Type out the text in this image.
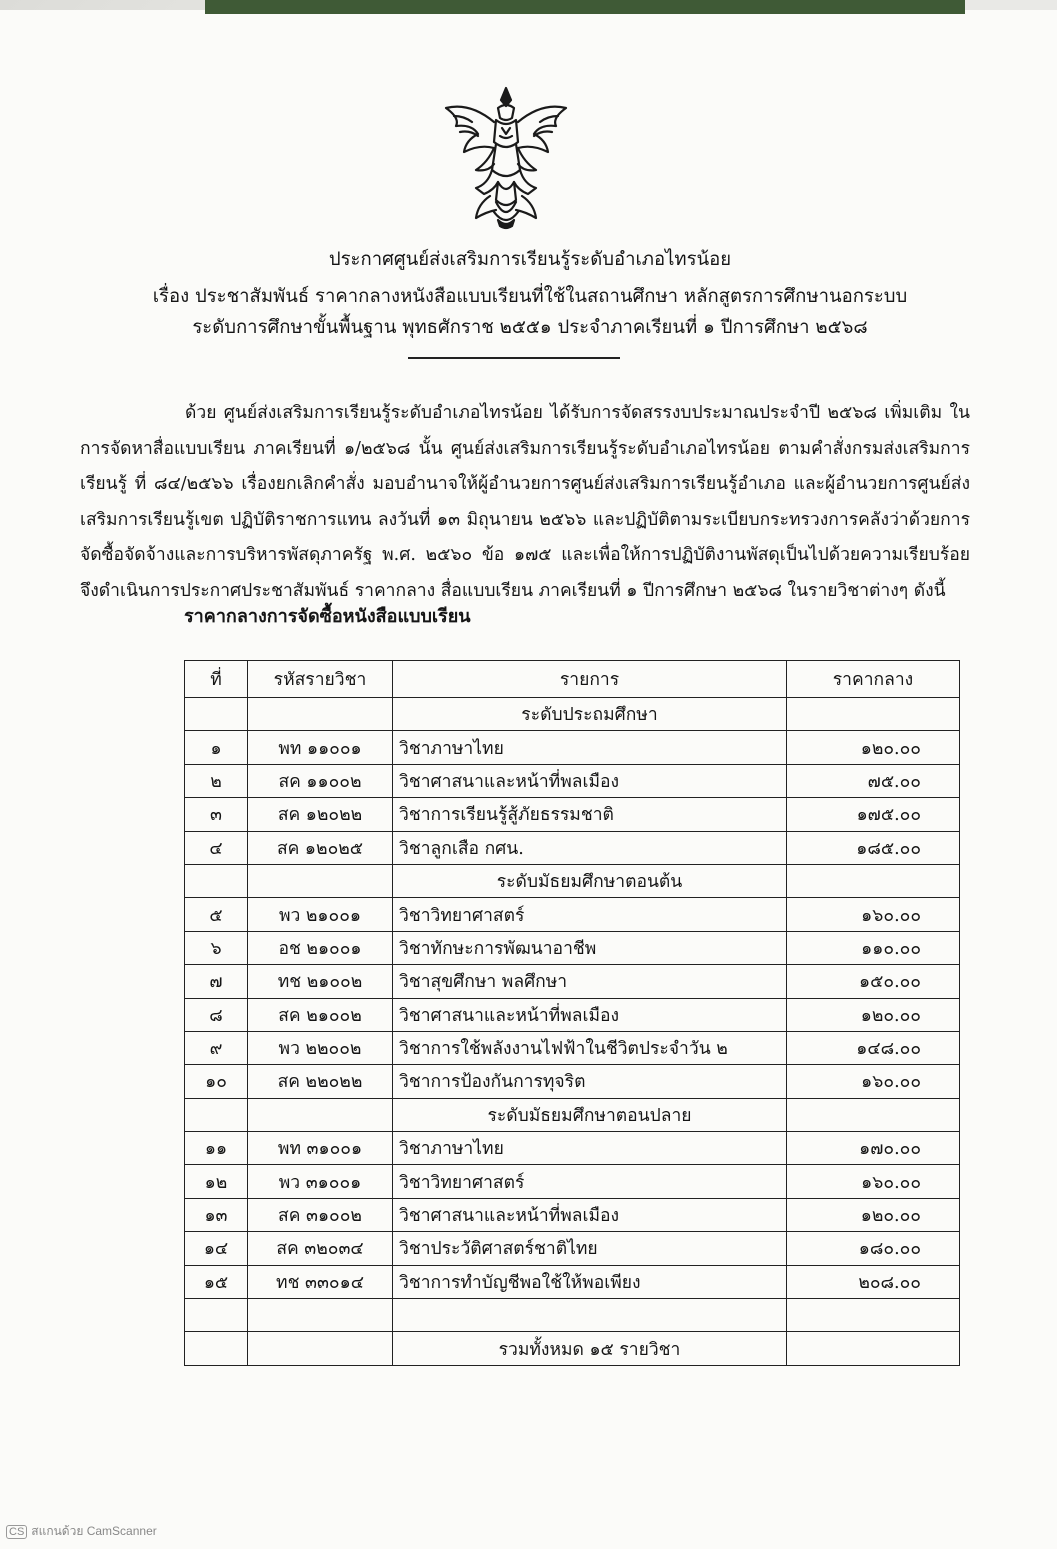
ประกาศศูนย์ส่งเสริมการเรียนรู้ระดับอำเภอไทรน้อย
เรื่อง ประชาสัมพันธ์ ราคากลางหนังสือแบบเรียนที่ใช้ในสถานศึกษา หลักสูตรการศึกษานอกระบบ
ระดับการศึกษาขั้นพื้นฐาน พุทธศักราช ๒๕๕๑ ประจำภาคเรียนที่ ๑ ปีการศึกษา ๒๕๖๘
ด้วย ศูนย์ส่งเสริมการเรียนรู้ระดับอำเภอไทรน้อย ได้รับการจัดสรรงบประมาณประจำปี ๒๕๖๘ เพิ่มเติม ในการจัดหาสื่อแบบเรียน ภาคเรียนที่ ๑/๒๕๖๘ นั้น ศูนย์ส่งเสริมการเรียนรู้ระดับอำเภอไทรน้อย ตามคำสั่งกรมส่งเสริมการเรียนรู้ ที่ ๘๔/๒๕๖๖ เรื่องยกเลิกคำสั่ง มอบอำนาจให้ผู้อำนวยการศูนย์ส่งเสริมการเรียนรู้อำเภอ และผู้อำนวยการศูนย์ส่งเสริมการเรียนรู้เขต ปฏิบัติราชการแทน ลงวันที่ ๑๓ มิถุนายน ๒๕๖๖ และปฏิบัติตามระเบียบกระทรวงการคลังว่าด้วยการจัดซื้อจัดจ้างและการบริหารพัสดุภาครัฐ พ.ศ. ๒๕๖๐ ข้อ ๑๗๕ และเพื่อให้การปฏิบัติงานพัสดุเป็นไปด้วยความเรียบร้อย จึงดำเนินการประกาศประชาสัมพันธ์ ราคากลาง สื่อแบบเรียน ภาคเรียนที่ ๑ ปีการศึกษา ๒๕๖๘ ในรายวิชาต่างๆ ดังนี้
ราคากลางการจัดซื้อหนังสือแบบเรียน
ที่	รหัสรายวิชา	รายการ	ราคากลาง
		ระดับประถมศึกษา	
๑	พท ๑๑๐๐๑	วิชาภาษาไทย	๑๒๐.๐๐
๒	สค ๑๑๐๐๒	วิชาศาสนาและหน้าที่พลเมือง	๗๕.๐๐
๓	สค ๑๒๐๒๒	วิชาการเรียนรู้สู้ภัยธรรมชาติ	๑๗๕.๐๐
๔	สค ๑๒๐๒๕	วิชาลูกเสือ กศน.	๑๘๕.๐๐
		ระดับมัธยมศึกษาตอนต้น	
๕	พว ๒๑๐๐๑	วิชาวิทยาศาสตร์	๑๖๐.๐๐
๖	อช ๒๑๐๐๑	วิชาทักษะการพัฒนาอาชีพ	๑๑๐.๐๐
๗	ทช ๒๑๐๐๒	วิชาสุขศึกษา พลศึกษา	๑๕๐.๐๐
๘	สค ๒๑๐๐๒	วิชาศาสนาและหน้าที่พลเมือง	๑๒๐.๐๐
๙	พว ๒๒๐๐๒	วิชาการใช้พลังงานไฟฟ้าในชีวิตประจำวัน ๒	๑๔๘.๐๐
๑๐	สค ๒๒๐๒๒	วิชาการป้องกันการทุจริต	๑๖๐.๐๐
		ระดับมัธยมศึกษาตอนปลาย	
๑๑	พท ๓๑๐๐๑	วิชาภาษาไทย	๑๗๐.๐๐
๑๒	พว ๓๑๐๐๑	วิชาวิทยาศาสตร์	๑๖๐.๐๐
๑๓	สค ๓๑๐๐๒	วิชาศาสนาและหน้าที่พลเมือง	๑๒๐.๐๐
๑๔	สค ๓๒๐๓๔	วิชาประวัติศาสตร์ชาติไทย	๑๘๐.๐๐
๑๕	ทช ๓๓๐๑๔	วิชาการทำบัญชีพอใช้ให้พอเพียง	๒๐๘.๐๐

		รวมทั้งหมด ๑๕ รายวิชา	
CS สแกนด้วย CamScanner
